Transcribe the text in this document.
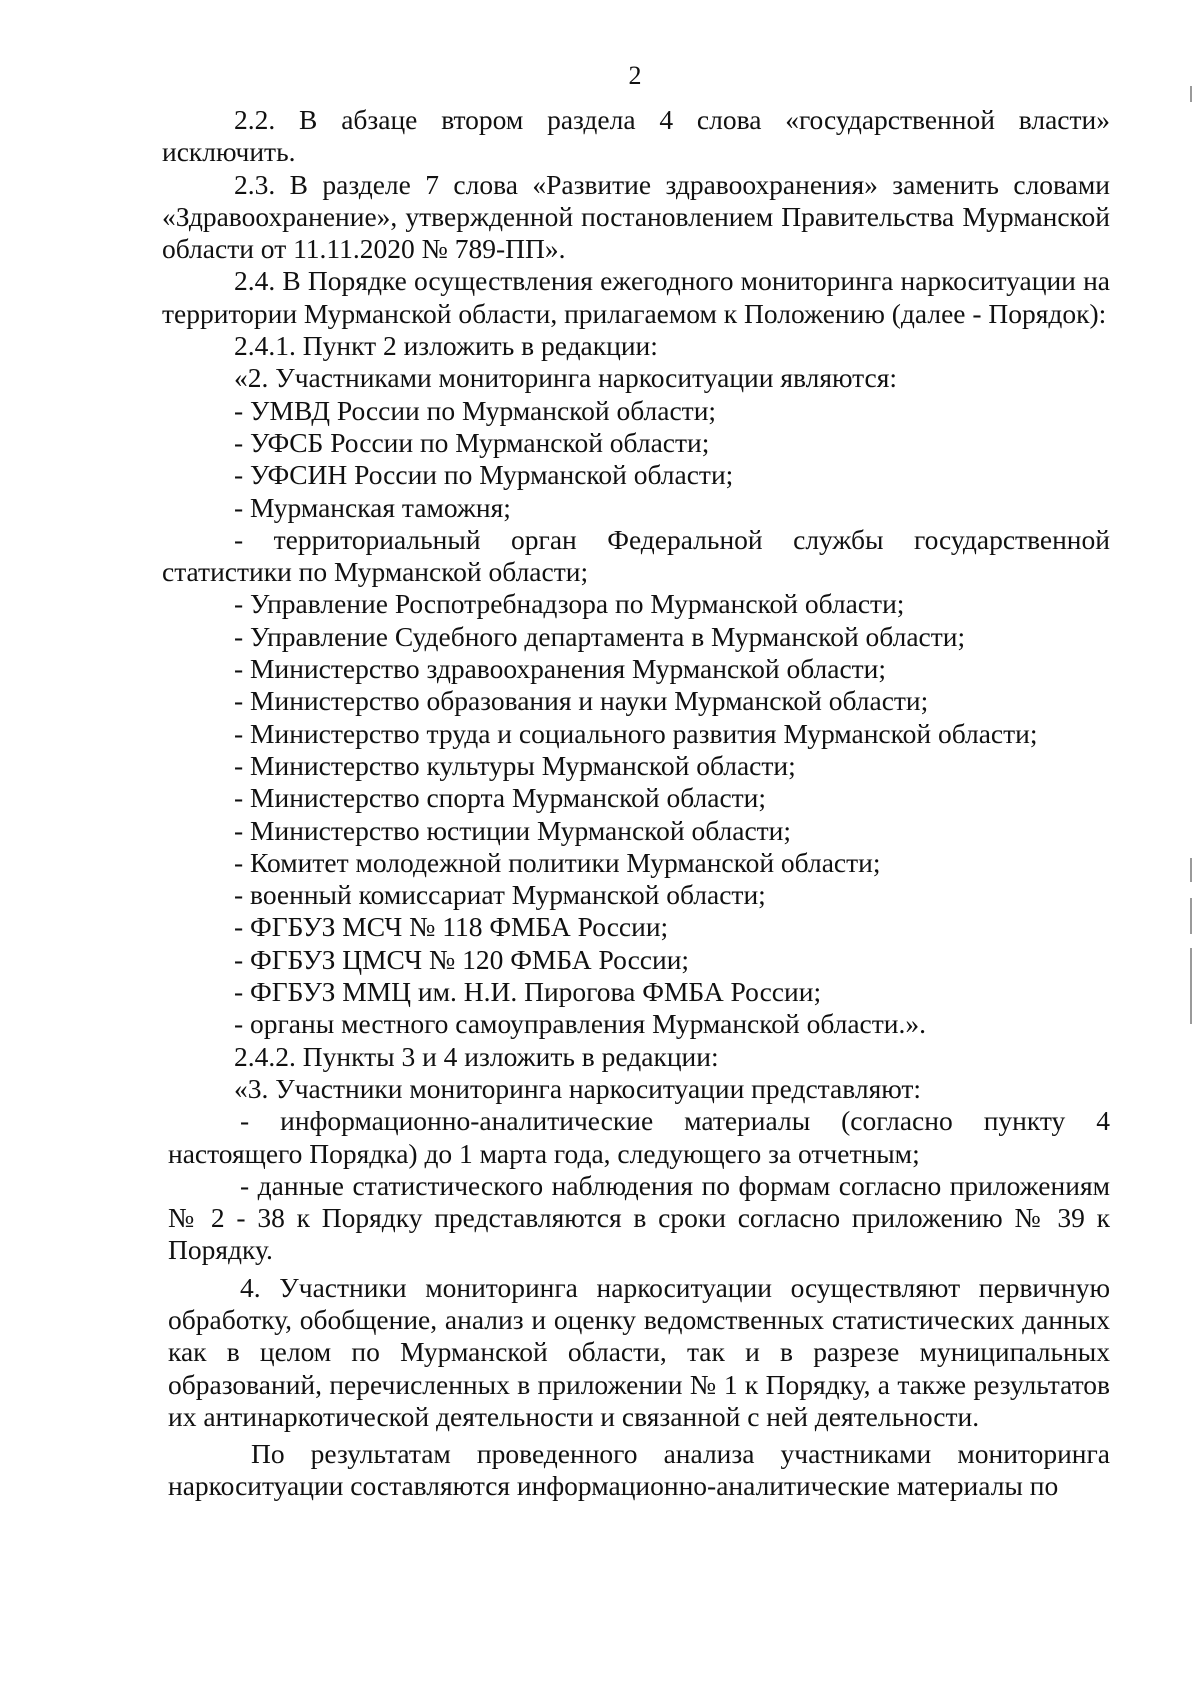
2

2.2. В абзаце втором раздела 4 слова «государственной власти» исключить.

2.3. В разделе 7 слова «Развитие здравоохранения» заменить словами «Здравоохранение», утвержденной постановлением Правительства Мурманской области от 11.11.2020 № 789-ПП».

2.4. В Порядке осуществления ежегодного мониторинга наркоситуации на территории Мурманской области, прилагаемом к Положению (далее - Порядок):

2.4.1. Пункт 2 изложить в редакции:

«2. Участниками мониторинга наркоситуации являются:

- УМВД России по Мурманской области;

- УФСБ России по Мурманской области;

- УФСИН России по Мурманской области;

- Мурманская таможня;

- территориальный орган Федеральной службы государственной статистики по Мурманской области;

- Управление Роспотребнадзора по Мурманской области;

- Управление Судебного департамента в Мурманской области;

- Министерство здравоохранения Мурманской области;

- Министерство образования и науки Мурманской области;

- Министерство труда и социального развития Мурманской области;

- Министерство культуры Мурманской области;

- Министерство спорта Мурманской области;

- Министерство юстиции Мурманской области;

- Комитет молодежной политики Мурманской области;

- военный комиссариат Мурманской области;

- ФГБУЗ МСЧ № 118 ФМБА России;

- ФГБУЗ ЦМСЧ № 120 ФМБА России;

- ФГБУЗ ММЦ им. Н.И. Пирогова ФМБА России;

- органы местного самоуправления Мурманской области.».

2.4.2. Пункты 3 и 4 изложить в редакции:

«3. Участники мониторинга наркоситуации представляют:

- информационно-аналитические материалы (согласно пункту 4 настоящего Порядка) до 1 марта года, следующего за отчетным;

- данные статистического наблюдения по формам согласно приложениям № 2 - 38 к Порядку представляются в сроки согласно приложению № 39 к Порядку.

4. Участники мониторинга наркоситуации осуществляют первичную обработку, обобщение, анализ и оценку ведомственных статистических данных как в целом по Мурманской области, так и в разрезе муниципальных образований, перечисленных в приложении № 1 к Порядку, а также результатов их антинаркотической деятельности и связанной с ней деятельности.

По результатам проведенного анализа участниками мониторинга наркоситуации составляются информационно-аналитические материалы по
